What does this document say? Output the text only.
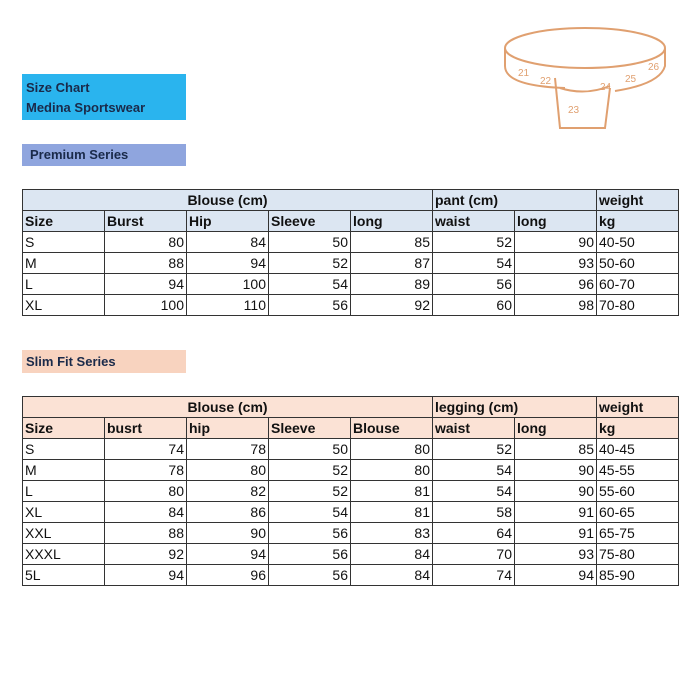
Size Chart
Medina Sportswear
Premium Series
Slim Fit Series
21
22
23
24
25
26
Blouse (cm)					pant (cm)		weight
Size	Burst	Hip	Sleeve	long	waist	long	kg
S	80	84	50	85	52	90	40-50
M	88	94	52	87	54	93	50-60
L	94	100	54	89	56	96	60-70
XL	100	110	56	92	60	98	70-80
Blouse (cm)					legging (cm)		weight
Size	busrt	hip	Sleeve	Blouse	waist	long	kg
S	74	78	50	80	52	85	40-45
M	78	80	52	80	54	90	45-55
L	80	82	52	81	54	90	55-60
XL	84	86	54	81	58	91	60-65
XXL	88	90	56	83	64	91	65-75
XXXL	92	94	56	84	70	93	75-80
5L	94	96	56	84	74	94	85-90
